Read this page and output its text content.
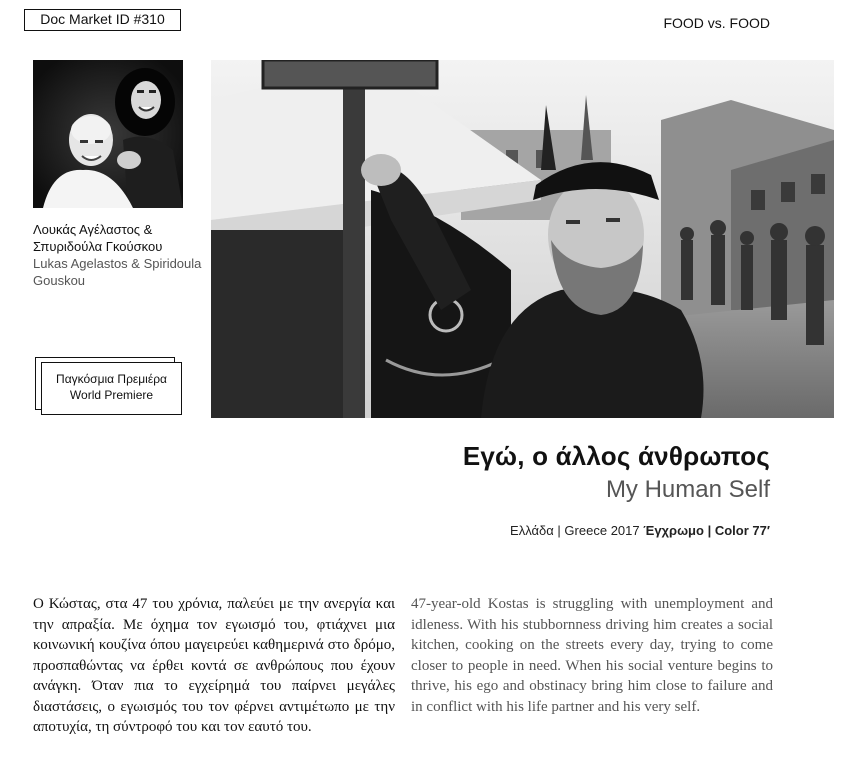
Doc Market ID #310	FOOD vs. FOOD
Λουκάς Αγέλαστος & Σπυριδούλα Γκούσκου
Lukas Agelastos & Spiridoula Gouskou
Παγκόσμια Πρεμιέρα
World Premiere
Εγώ, ο άλλος άνθρωπος
My Human Self
Ελλάδα | Greece 2017 Έγχρωμο | Color 77′
Ο Κώστας, στα 47 του χρόνια, παλεύει με την ανεργία και την απραξία. Με όχημα τον εγωισμό του, φτιάχνει μια κοινωνική κουζίνα όπου μαγειρεύει καθημερινά στο δρόμο, προσπαθώντας να έρθει κοντά σε ανθρώπους που έχουν ανάγκη. Όταν πια το εγχείρημά του παίρνει μεγάλες διαστάσεις, ο εγωισμός του τον φέρνει αντιμέτωπο με την αποτυχία, τη σύντροφό του και τον εαυτό του.
47-year-old Kostas is struggling with unemployment and idleness. With his stubbornness driving him creates a social kitchen, cooking on the streets every day, trying to come closer to people in need. When his social venture begins to thrive, his ego and obstinacy bring him close to failure and in conflict with his life partner and his very self.
